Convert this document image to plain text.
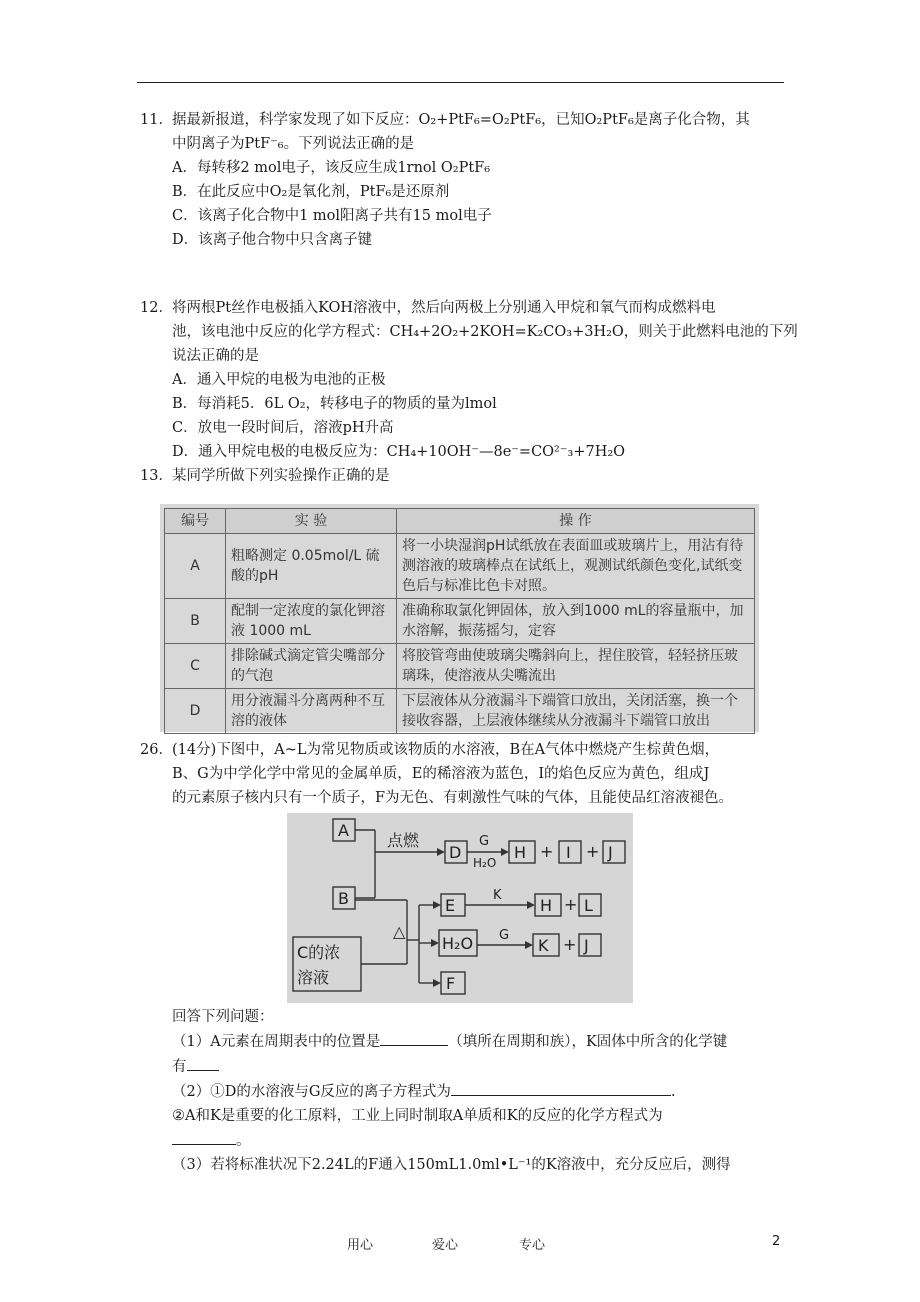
11．据最新报道，科学家发现了如下反应：O₂+PtF₆=O₂PtF₆，已知O₂PtF₆是离子化合物，其

中阴离子为PtF⁻₆。下列说法正确的是

A．每转移2 mol电子，该反应生成1rnol O₂PtF₆

B．在此反应中O₂是氧化剂，PtF₆是还原剂

C．该离子化合物中1 mol阳离子共有15 mol电子

D．该离子他合物中只含离子键

12．将两根Pt丝作电极插入KOH溶液中，然后向两极上分别通入甲烷和氧气而构成燃料电

池，该电池中反应的化学方程式：CH₄+2O₂+2KOH=K₂CO₃+3H₂O，则关于此燃料电池的下列

说法正确的是

A．通入甲烷的电极为电池的正极

B．每消耗5．6L O₂，转移电子的物质的量为lmol

C．放电一段时间后，溶液pH升高

D．通入甲烷电极的电极反应为：CH₄+10OH⁻—8e⁻=CO²⁻₃+7H₂O

13．某同学所做下列实验操作正确的是

编号	实 验	操 作
A	粗略测定 0.05mol/L 硫酸的pH	将一小块湿润pH试纸放在表面皿或玻璃片上，用沾有待测溶液的玻璃棒点在试纸上，观测试纸颜色变化,试纸变色后与标准比色卡对照。
B	配制一定浓度的氯化钾溶液 1000 mL	准确称取氯化钾固体，放入到1000 mL的容量瓶中，加水溶解，振荡摇匀，定容
C	排除碱式滴定管尖嘴部分的气泡	将胶管弯曲使玻璃尖嘴斜向上，捏住胶管，轻轻挤压玻璃珠，使溶液从尖嘴流出
D	用分液漏斗分离两种不互溶的液体	下层液体从分液漏斗下端管口放出，关闭活塞，换一个接收容器，上层液体继续从分液漏斗下端管口放出

26．(14分)下图中，A~L为常见物质或该物质的水溶液，B在A气体中燃烧产生棕黄色烟，

B、G为中学化学中常见的金属单质，E的稀溶液为蓝色，I的焰色反应为黄色，组成J

的元素原子核内只有一个质子，F为无色、有刺激性气味的气体，且能使品红溶液褪色。

A
B
C的浓
溶液
D	H I J
E	H L
H₂O	K J
F
点燃	G
H₂O
K
G
△
+ +
+
+

回答下列问题：

（1）A元素在周期表中的位置是	（填所在周期和族），K固体中所含的化学键

有

（2）①D的水溶液与G反应的离子方程式为	.

②A和K是重要的化工原料，工业上同时制取A单质和K的反应的化学方程式为

。

（3）若将标准状况下2.24L的F通入150mL1.0ml•L⁻¹的K溶液中，充分反应后，测得

用心	爱心	专心	2
